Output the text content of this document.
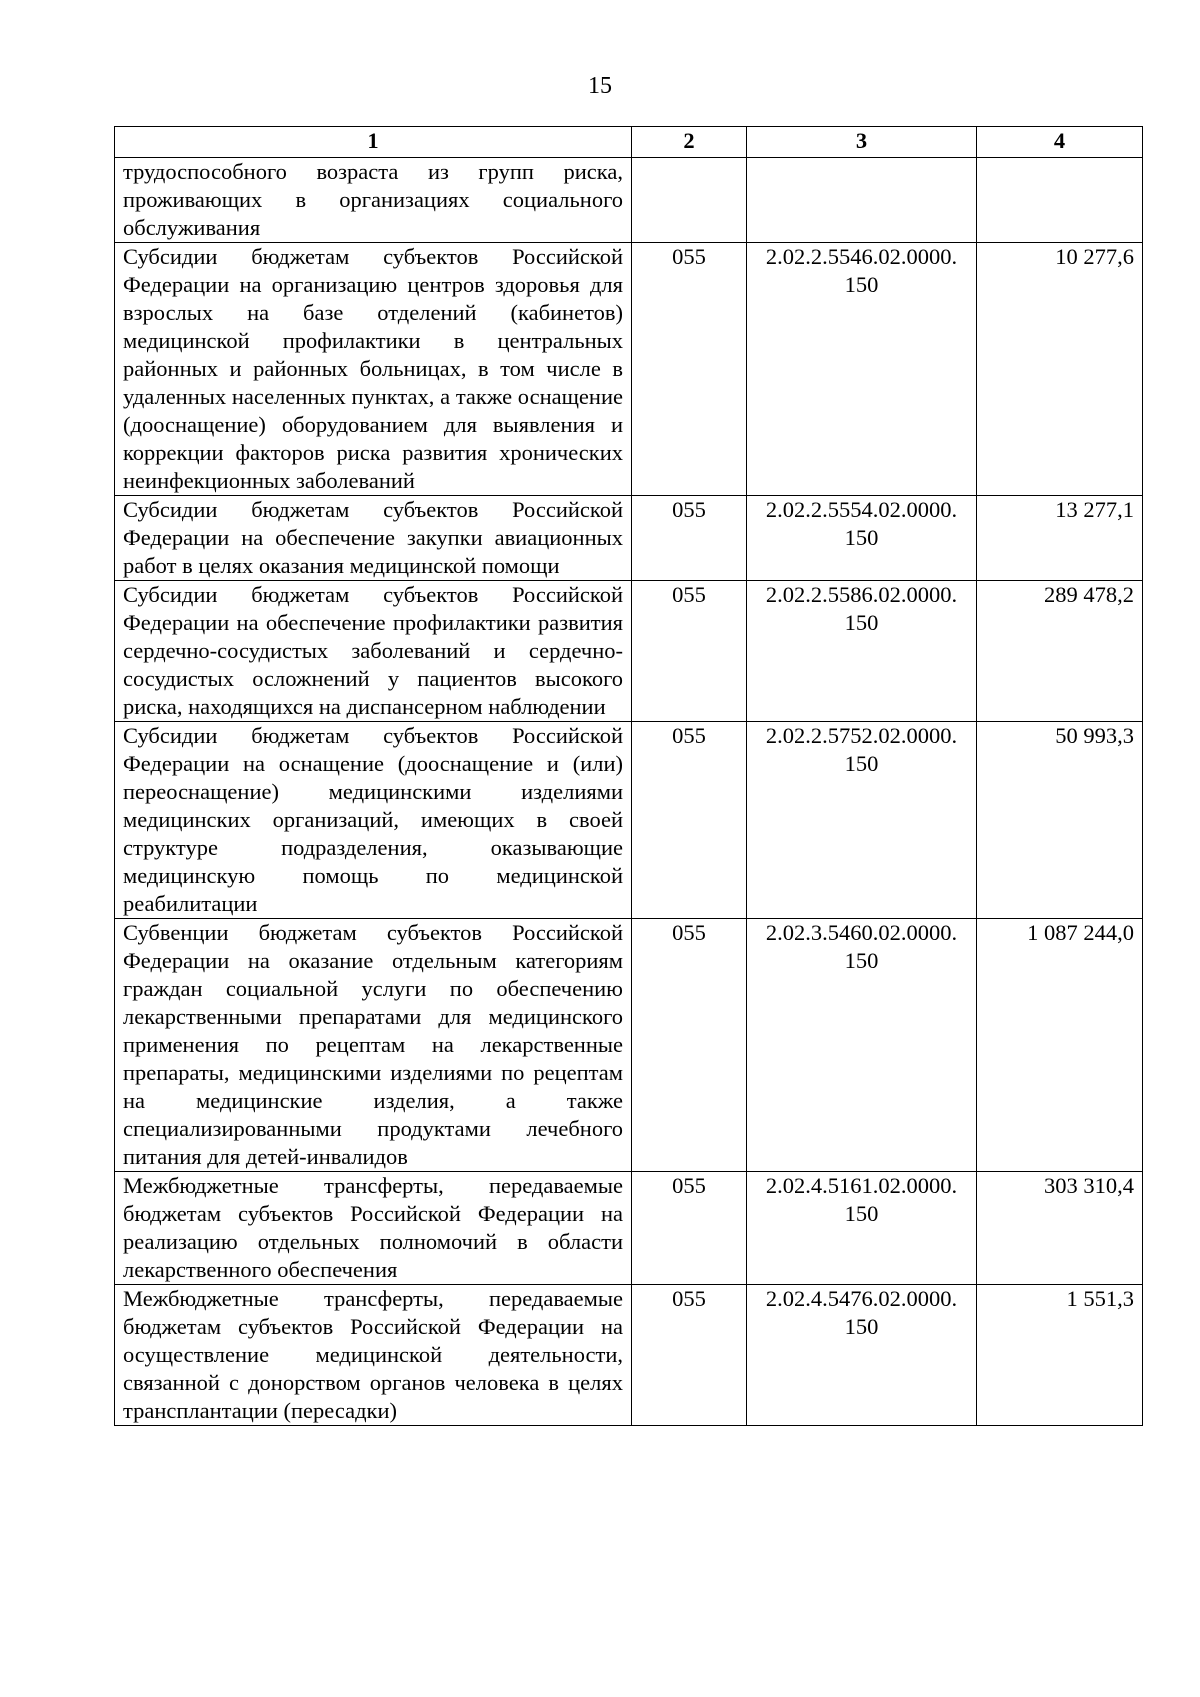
15
1	2	3	4
трудоспособного возраста из групп риска, проживающих в организациях социального обслуживания			
Субсидии бюджетам субъектов Российской Федерации на организацию центров здоровья для взрослых на базе отделений (кабинетов) медицинской профилактики в центральных районных и районных больницах, в том числе в удаленных населенных пунктах, а также оснащение (дооснащение) оборудованием для выявления и коррекции факторов риска развития хронических неинфекционных заболеваний	055	2.02.2.5546.02.0000. 150	10 277,6
Субсидии бюджетам субъектов Российской Федерации на обеспечение закупки авиационных работ в целях оказания медицинской помощи	055	2.02.2.5554.02.0000. 150	13 277,1
Субсидии бюджетам субъектов Российской Федерации на обеспечение профилактики развития сердечно-сосудистых заболеваний и сердечно-сосудистых осложнений у пациентов высокого риска, находящихся на диспансерном наблюдении	055	2.02.2.5586.02.0000. 150	289 478,2
Субсидии бюджетам субъектов Российской Федерации на оснащение (дооснащение и (или) переоснащение) медицинскими изделиями медицинских организаций, имеющих в своей структуре подразделения, оказывающие медицинскую помощь по медицинской реабилитации	055	2.02.2.5752.02.0000. 150	50 993,3
Субвенции бюджетам субъектов Российской Федерации на оказание отдельным категориям граждан социальной услуги по обеспечению лекарственными препаратами для медицинского применения по рецептам на лекарственные препараты, медицинскими изделиями по рецептам на медицинские изделия, а также специализированными продуктами лечебного питания для детей-инвалидов	055	2.02.3.5460.02.0000. 150	1 087 244,0
Межбюджетные трансферты, передаваемые бюджетам субъектов Российской Федерации на реализацию отдельных полномочий в области лекарственного обеспечения	055	2.02.4.5161.02.0000. 150	303 310,4
Межбюджетные трансферты, передаваемые бюджетам субъектов Российской Федерации на осуществление медицинской деятельности, связанной с донорством органов человека в целях трансплантации (пересадки)	055	2.02.4.5476.02.0000. 150	1 551,3
